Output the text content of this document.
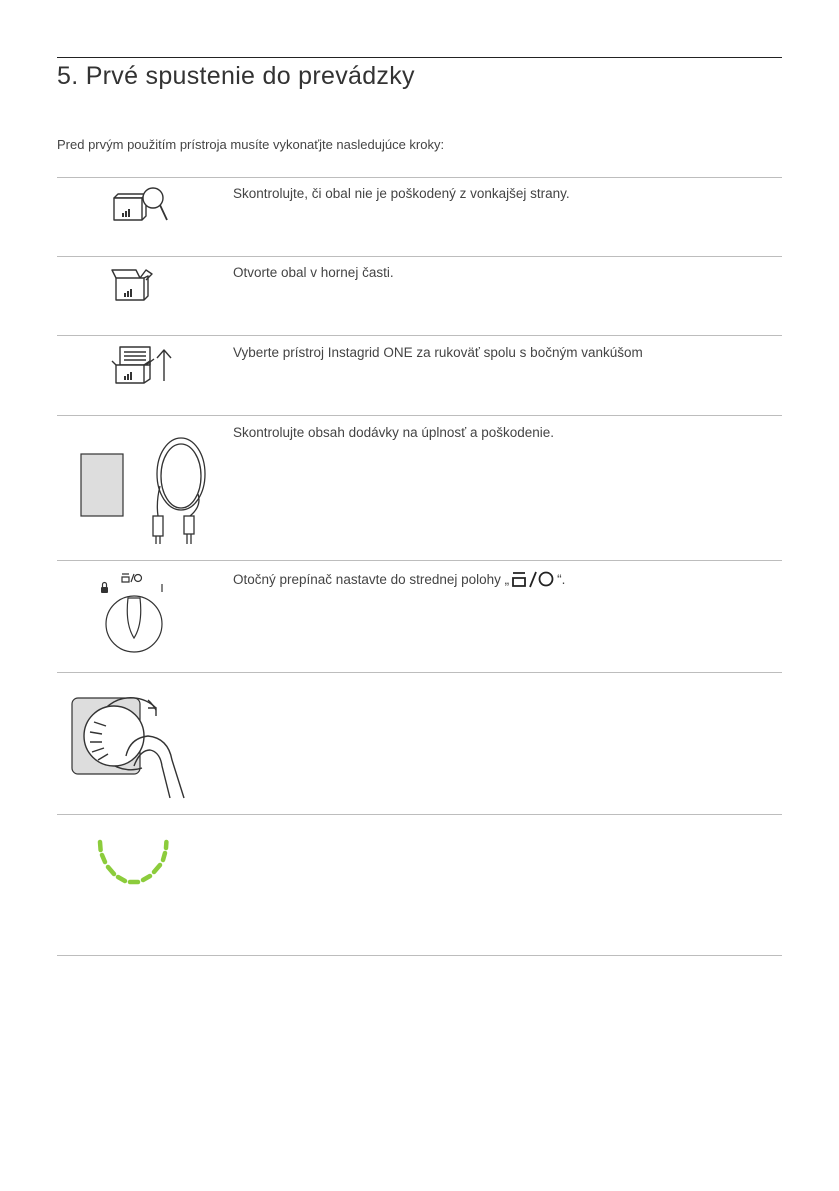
5. Prvé spustenie do prevádzky
Pred prvým použitím prístroja musíte vykonaťjte nasledujúce kroky:
Skontrolujte, či obal nie je poškodený z vonkajšej strany.
Otvorte obal v hornej časti.
Vyberte prístroj Instagrid ONE za rukoväť spolu s bočným vankúšom
Skontrolujte obsah dodávky na úplnosť a poškodenie.
Otočný prepínač nastavte do strednej polohy „	“.
